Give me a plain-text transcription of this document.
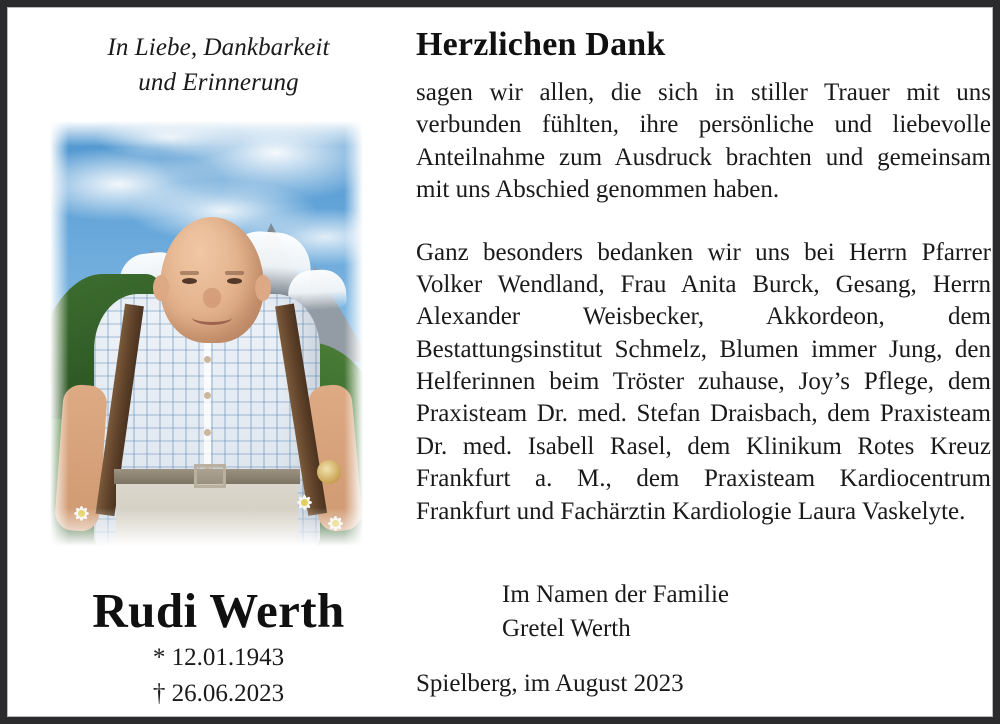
In Liebe, Dankbarkeit
und Erinnerung
Rudi Werth
* 12.01.1943
† 26.06.2023
Herzlichen Dank

sagen wir allen, die sich in stiller Trauer mit uns verbunden fühlten, ihre persönliche und liebevolle Anteilnahme zum Ausdruck brachten und gemeinsam mit uns Abschied genommen haben.

Ganz besonders bedanken wir uns bei Herrn Pfarrer Volker Wendland, Frau Anita Burck, Gesang, Herrn Alexander Weisbecker, Akkordeon, dem Bestattungsinstitut Schmelz, Blumen immer Jung, den Helferinnen beim Tröster zuhause, Joy’s Pflege, dem Praxisteam Dr. med. Stefan Draisbach, dem Praxisteam Dr. med. Isabell Rasel, dem Klinikum Rotes Kreuz Frankfurt a. M., dem Praxisteam Kardiocentrum Frankfurt und Fachärztin Kardiologie Laura Vaskelyte.

Im Namen der Familie
Gretel Werth
Spielberg, im August 2023
